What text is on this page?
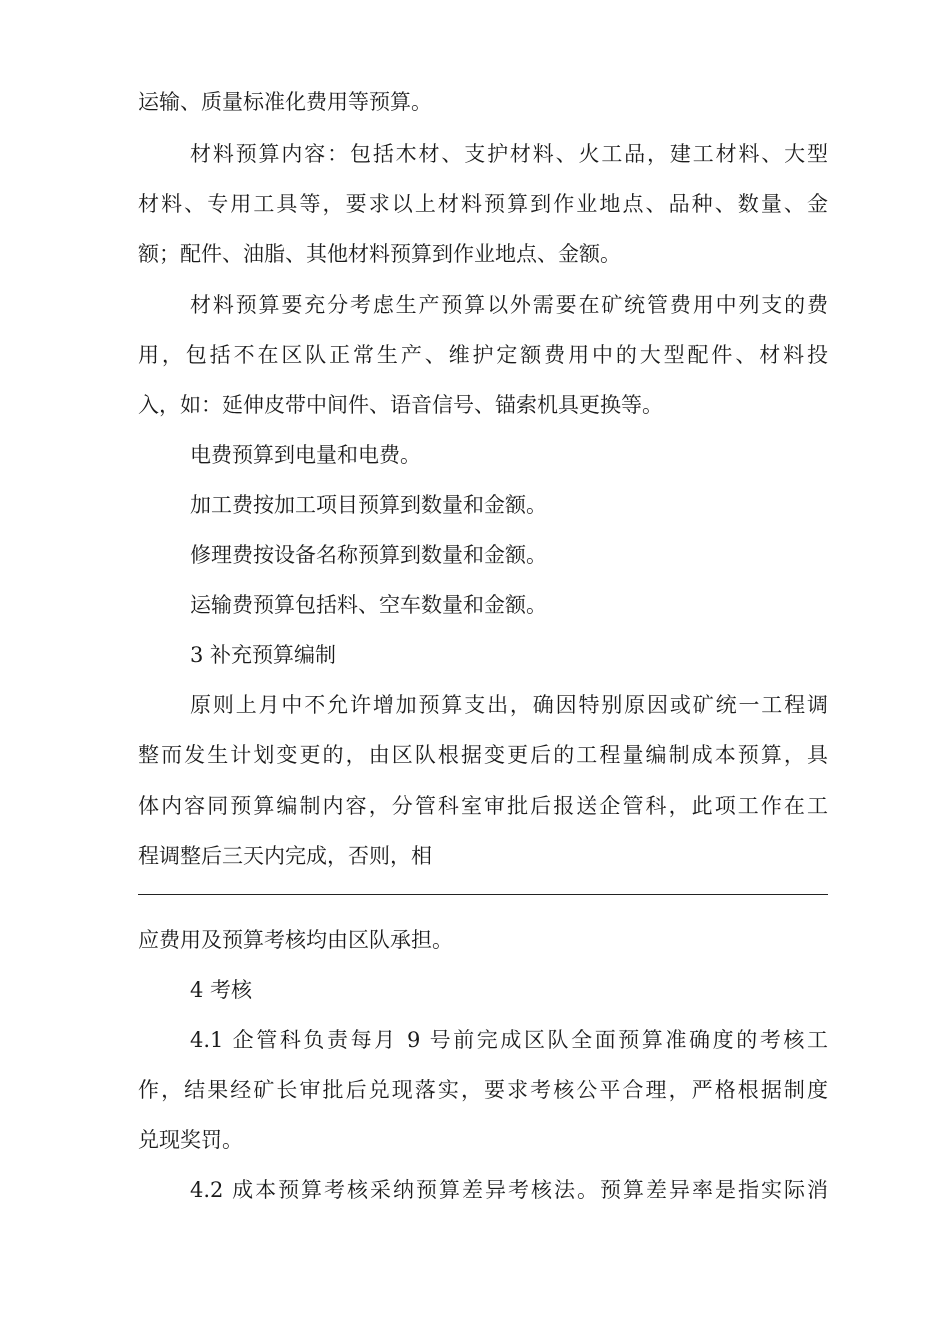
运输、质量标准化费用等预算。
材料预算内容：包括木材、支护材料、火工品，建工材料、大型
材料、专用工具等，要求以上材料预算到作业地点、品种、数量、金
额；配件、油脂、其他材料预算到作业地点、金额。
材料预算要充分考虑生产预算以外需要在矿统管费用中列支的费
用，包括不在区队正常生产、维护定额费用中的大型配件、材料投
入，如：延伸皮带中间件、语音信号、锚索机具更换等。
电费预算到电量和电费。
加工费按加工项目预算到数量和金额。
修理费按设备名称预算到数量和金额。
运输费预算包括料、空车数量和金额。
3 补充预算编制
原则上月中不允许增加预算支出，确因特别原因或矿统一工程调
整而发生计划变更的，由区队根据变更后的工程量编制成本预算，具
体内容同预算编制内容，分管科室审批后报送企管科，此项工作在工
程调整后三天内完成，否则，相
应费用及预算考核均由区队承担。
4 考核
4.1 企管科负责每月 9 号前完成区队全面预算准确度的考核工
作，结果经矿长审批后兑现落实，要求考核公平合理，严格根据制度
兑现奖罚。
4.2 成本预算考核采纳预算差异考核法。预算差异率是指实际消
